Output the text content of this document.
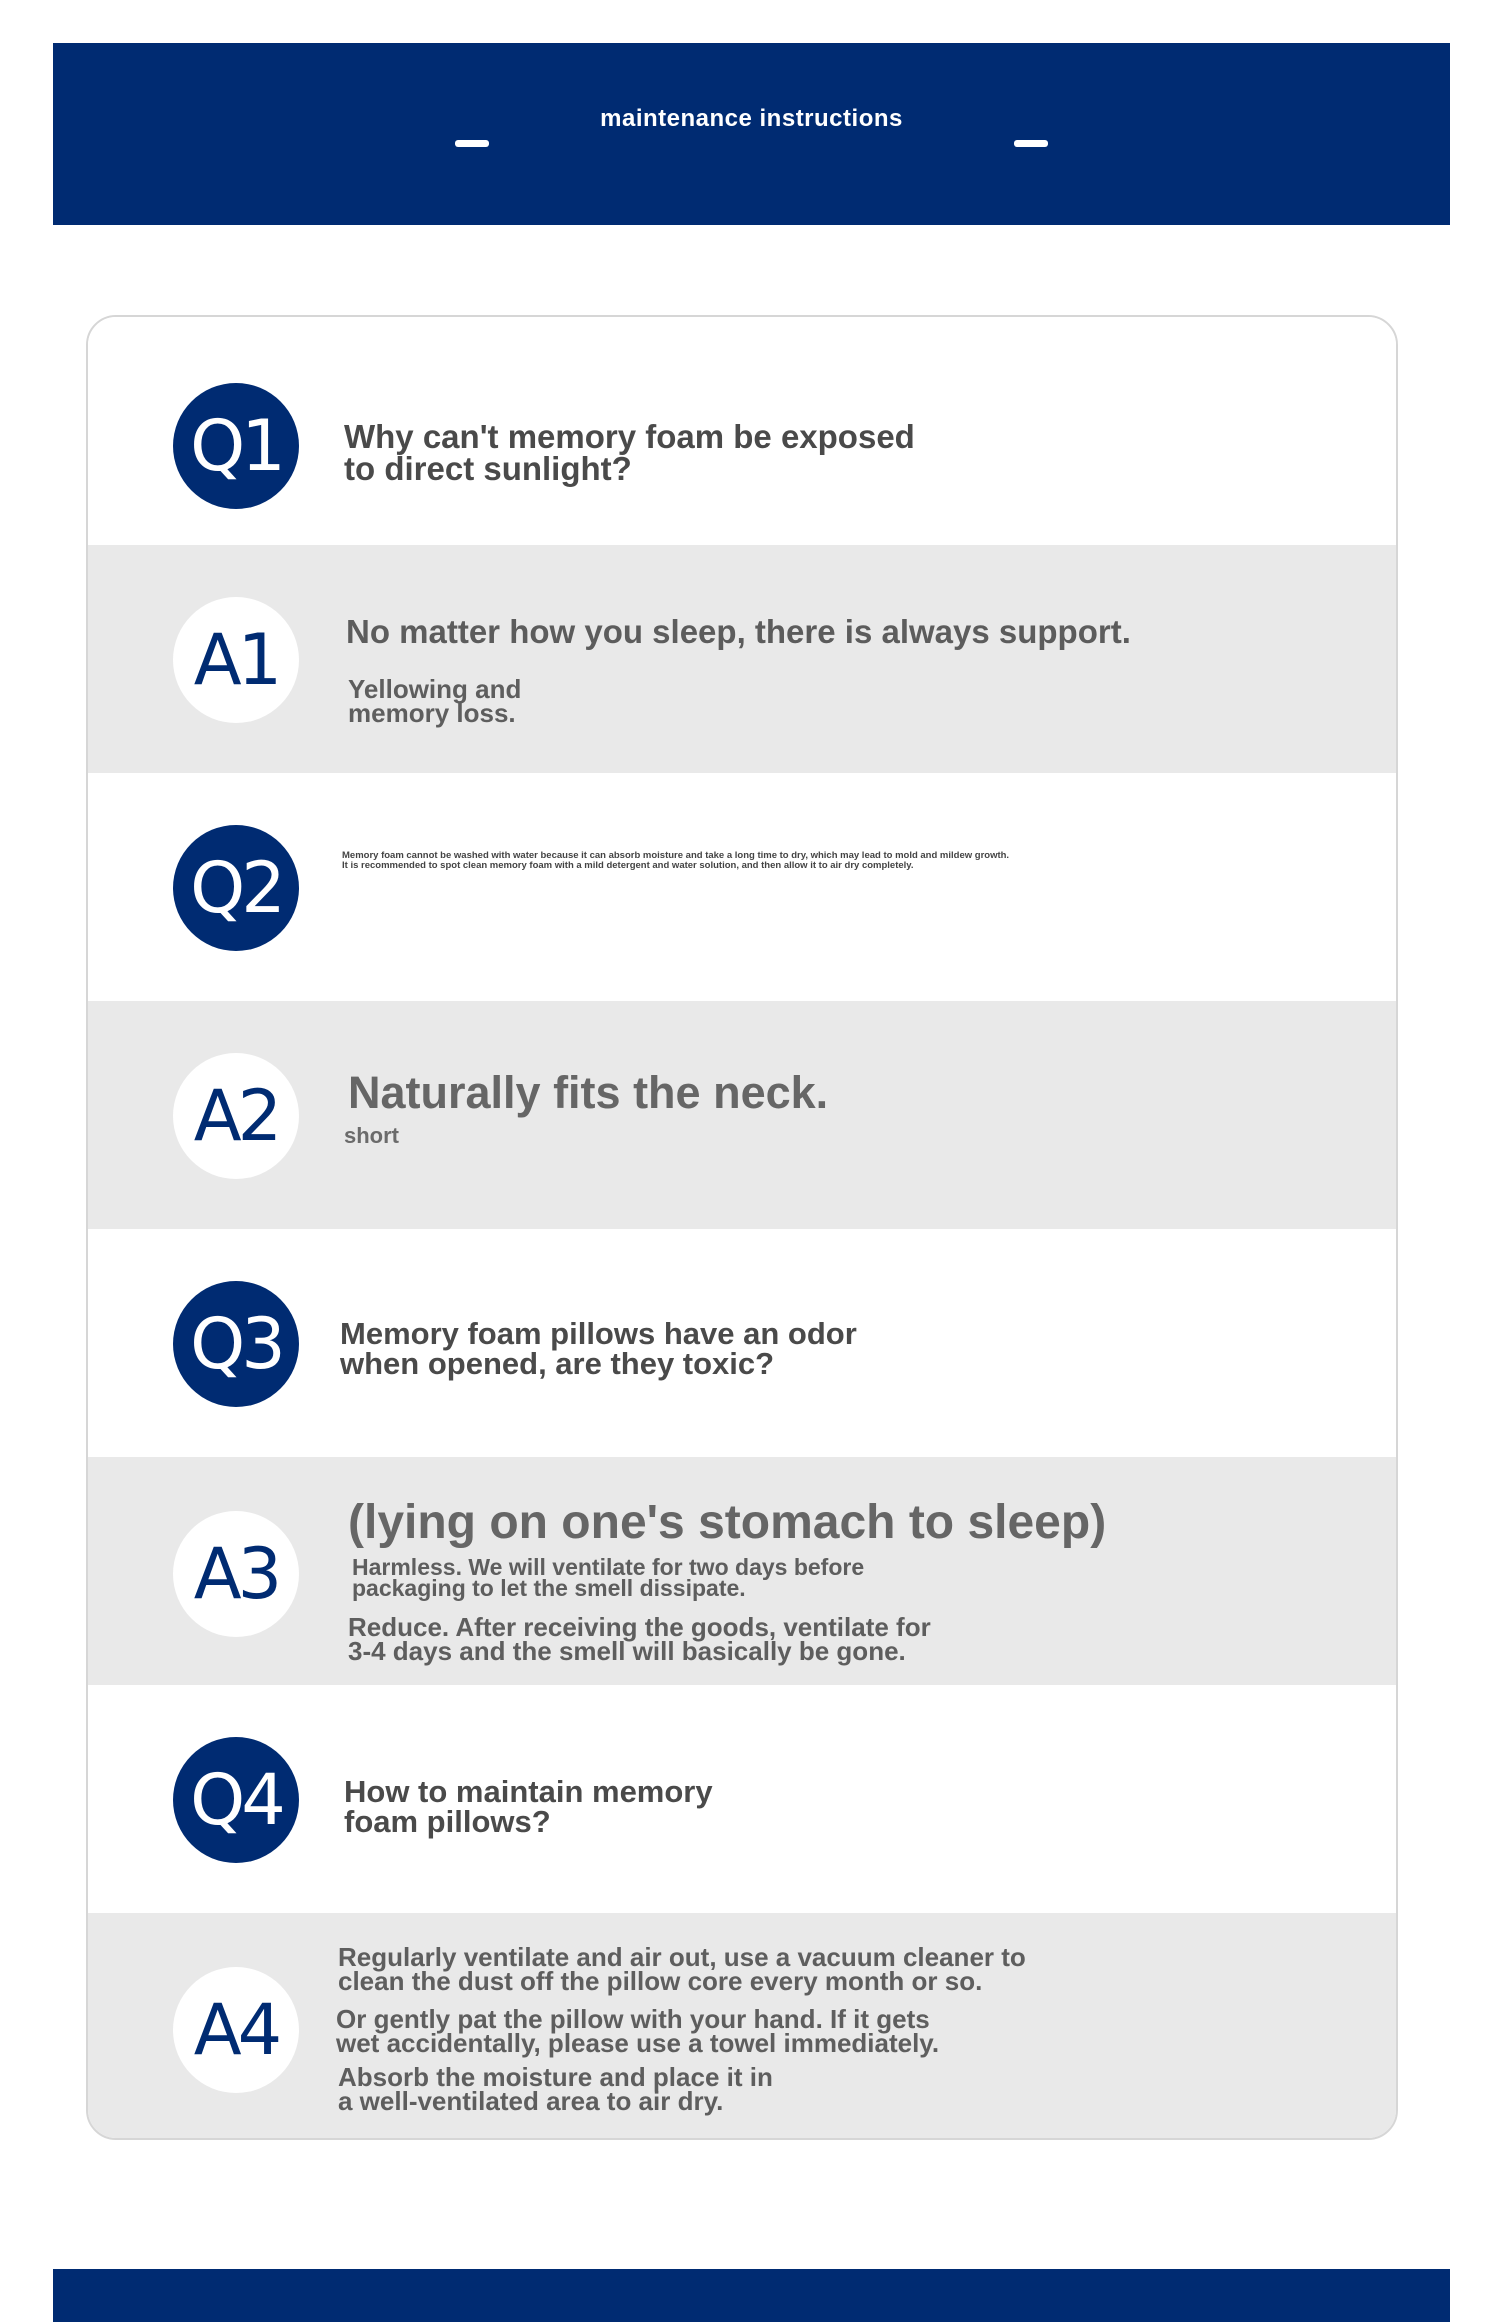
maintenance instructions
Q1	Why can't memory foam be exposed
to direct sunlight?
A1	No matter how you sleep, there is always support.
Yellowing and
memory loss.
Q2	Memory foam cannot be washed with water because it can absorb moisture and take a long time to dry, which may lead to mold and mildew growth.
It is recommended to spot clean memory foam with a mild detergent and water solution, and then allow it to air dry completely.
A2	Naturally fits the neck.
short
Q3	Memory foam pillows have an odor
when opened, are they toxic?
A3
(lying on one's stomach to sleep)
Harmless. We will ventilate for two days before
packaging to let the smell dissipate.
Reduce. After receiving the goods, ventilate for
3-4 days and the smell will basically be gone.
Q4	How to maintain memory
foam pillows?
A4
Regularly ventilate and air out, use a vacuum cleaner to
clean the dust off the pillow core every month or so.
Or gently pat the pillow with your hand. If it gets
wet accidentally, please use a towel immediately.
Absorb the moisture and place it in
a well-ventilated area to air dry.
